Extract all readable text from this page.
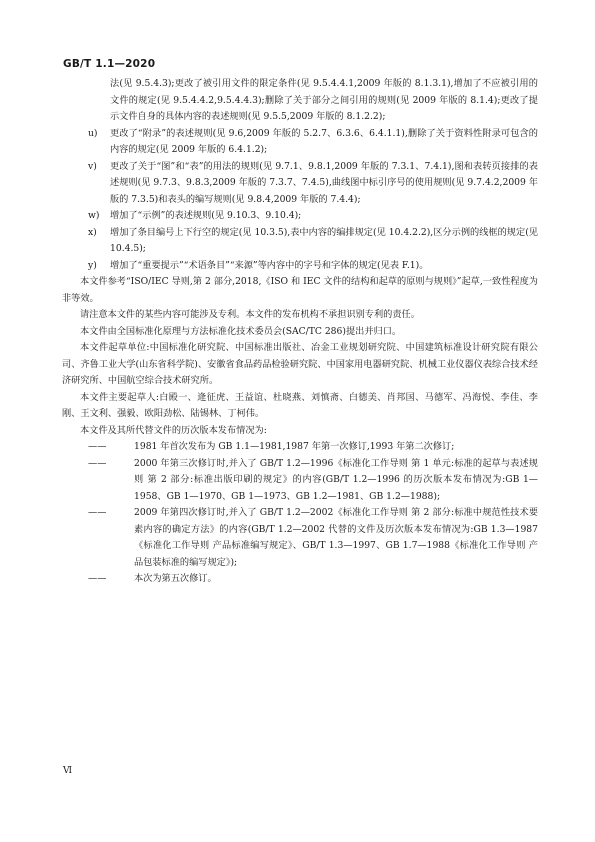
GB/T 1.1—2020
法(见 9.5.4.3);更改了被引用文件的限定条件(见 9.5.4.4.1,2009 年版的 8.1.3.1),增加了不应被引用的文件的规定(见 9.5.4.4.2,9.5.4.4.3);删除了关于部分之间引用的规则(见 2009 年版的 8.1.4);更改了提示文件自身的具体内容的表述规则(见 9.5.5,2009 年版的 8.1.2.2);
u)	更改了“附录”的表述规则(见 9.6,2009 年版的 5.2.7、6.3.6、6.4.1.1),删除了关于资料性附录可包含的内容的规定(见 2009 年版的 6.4.1.2);
v)	更改了关于“图”和“表”的用法的规则(见 9.7.1、9.8.1,2009 年版的 7.3.1、7.4.1),图和表转页接排的表述规则(见 9.7.3、9.8.3,2009 年版的 7.3.7、7.4.5),曲线图中标引序号的使用规则(见 9.7.4.2,2009 年版的 7.3.5)和表头的编写规则(见 9.8.4,2009 年版的 7.4.4);
w)	增加了“示例”的表述规则(见 9.10.3、9.10.4);
x)	增加了条目编号上下行空的规定(见 10.3.5),表中内容的编排规定(见 10.4.2.2),区分示例的线框的规定(见 10.4.5);
y)	增加了“重要提示”“术语条目”“来源”等内容中的字号和字体的规定(见表 F.1)。
本文件参考“ISO/IEC 导则,第 2 部分,2018,《ISO 和 IEC 文件的结构和起草的原则与规则》”起草,一致性程度为非等效。
请注意本文件的某些内容可能涉及专利。本文件的发布机构不承担识别专利的责任。
本文件由全国标准化原理与方法标准化技术委员会(SAC/TC 286)提出并归口。
本文件起草单位:中国标准化研究院、中国标准出版社、冶金工业规划研究院、中国建筑标准设计研究院有限公司、齐鲁工业大学(山东省科学院)、安徽省食品药品检验研究院、中国家用电器研究院、机械工业仪器仪表综合技术经济研究所、中国航空综合技术研究所。
本文件主要起草人:白殿一、逄征虎、王益谊、杜晓燕、刘慎斋、白德美、肖邦国、马德军、冯海悦、李佳、李刚、王文利、强毅、欧阳劲松、陆锡林、丁柯伟。
本文件及其所代替文件的历次版本发布情况为:
——	1981 年首次发布为 GB 1.1—1981,1987 年第一次修订,1993 年第二次修订;
——	2000 年第三次修订时,并入了 GB/T 1.2—1996《标准化工作导则 第 1 单元:标准的起草与表述规则 第 2 部分:标准出版印刷的规定》的内容(GB/T 1.2—1996 的历次版本发布情况为:GB 1—1958、GB 1—1970、GB 1—1973、GB 1.2—1981、GB 1.2—1988);
——	2009 年第四次修订时,并入了 GB/T 1.2—2002《标准化工作导则 第 2 部分:标准中规范性技术要素内容的确定方法》的内容(GB/T 1.2—2002 代替的文件及历次版本发布情况为:GB 1.3—1987《标准化工作导则 产品标准编写规定》、GB/T 1.3—1997、GB 1.7—1988《标准化工作导则 产品包装标准的编写规定》);
——	本次为第五次修订。
Ⅵ
